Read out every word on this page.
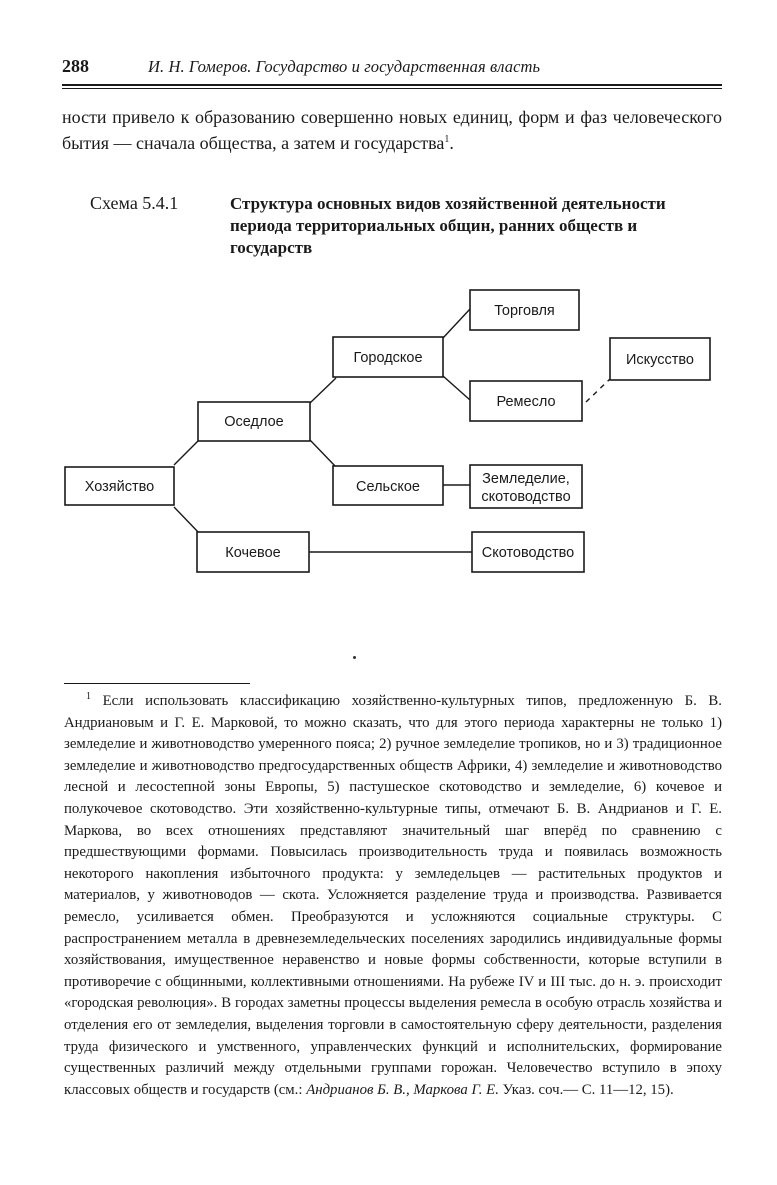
288	И. Н. Гомеров. Государство и государственная власть

ности привело к образованию совершенно новых единиц, форм и фаз человеческого бытия — сначала общества, а затем и государства$^1$.

Схема 5.4.1	Структура основных видов хозяйственной деятельности периода территориальных общин, ранних обществ и государств
Хозяйство
Оседлое
Кочевое
Городское
Сельское
Торговля
Ремесло
Искусство
Земледелие,
скотоводство
Скотоводство

$^1$ Если использовать классификацию хозяйственно-культурных типов, предложенную Б. В. Андриановым и Г. Е. Марковой, то можно сказать, что для этого периода характерны не только 1) земледелие и животноводство умеренного пояса; 2) ручное земледелие тропиков, но и 3) традиционное земледелие и животноводство предгосударственных обществ Африки, 4) земледелие и животноводство лесной и лесостепной зоны Европы, 5) пастушеское скотоводство и земледелие, 6) кочевое и полукочевое скотоводство. Эти хозяйственно-культурные типы, отмечают Б. В. Андрианов и Г. Е. Маркова, во всех отношениях представляют значительный шаг вперёд по сравнению с предшествующими формами. Повысилась производительность труда и появилась возможность некоторого накопления избыточного продукта: у земледельцев — растительных продуктов и материалов, у животноводов — скота. Усложняется разделение труда и производства. Развивается ремесло, усиливается обмен. Преобразуются и усложняются социальные структуры. С распространением металла в древнеземледельческих поселениях зародились индивидуальные формы хозяйствования, имущественное неравенство и новые формы собственности, которые вступили в противоречие с общинными, коллективными отношениями. На рубеже IV и III тыс. до н. э. происходит «городская революция». В городах заметны процессы выделения ремесла в особую отрасль хозяйства и отделения его от земледелия, выделения торговли в самостоятельную сферу деятельности, разделения труда физического и умственного, управленческих функций и исполнительских, формирование существенных различий между отдельными группами горожан. Человечество вступило в эпоху классовых обществ и государств (см.: Андрианов Б. В., Маркова Г. Е. Указ. соч.— С. 11—12, 15).
